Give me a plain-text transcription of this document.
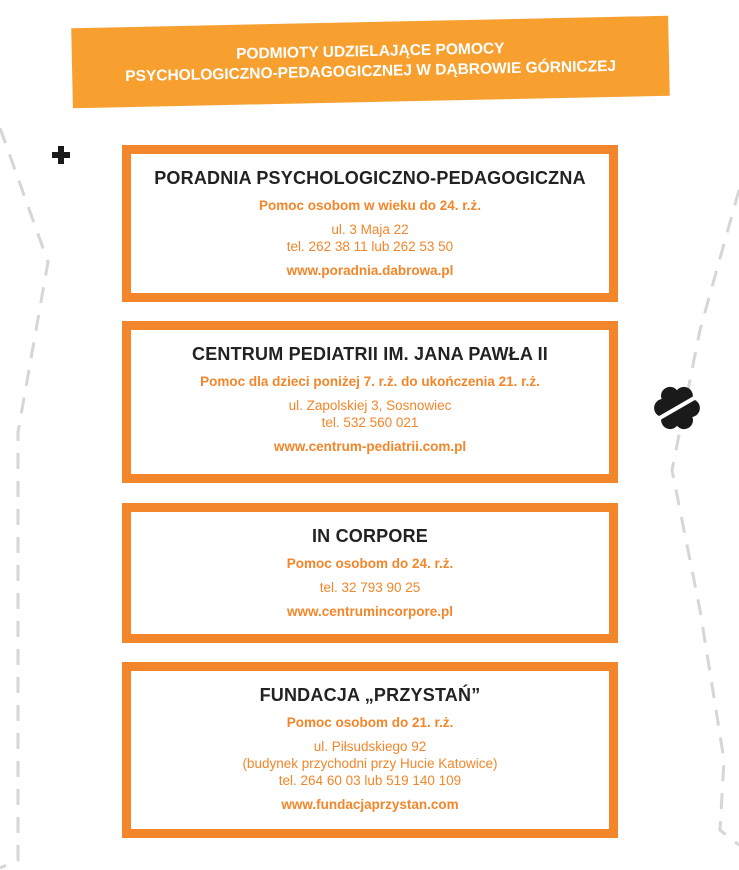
PODMIOTY UDZIELAJĄCE POMOCY
PSYCHOLOGICZNO-PEDAGOGICZNEJ W DĄBROWIE GÓRNICZEJ
PORADNIA PSYCHOLOGICZNO-PEDAGOGICZNA
Pomoc osobom w wieku do 24. r.ż.
ul. 3 Maja 22
tel. 262 38 11 lub 262 53 50
www.poradnia.dabrowa.pl
CENTRUM PEDIATRII IM. JANA PAWŁA II
Pomoc dla dzieci poniżej 7. r.ż. do ukończenia 21. r.ż.
ul. Zapolskiej 3, Sosnowiec
tel. 532 560 021
www.centrum-pediatrii.com.pl
IN CORPORE
Pomoc osobom do 24. r.ż.
tel. 32 793 90 25
www.centrumincorpore.pl
FUNDACJA „PRZYSTAŃ”
Pomoc osobom do 21. r.ż.
ul. Piłsudskiego 92
(budynek przychodni przy Hucie Katowice)
tel. 264 60 03 lub 519 140 109
www.fundacjaprzystan.com
